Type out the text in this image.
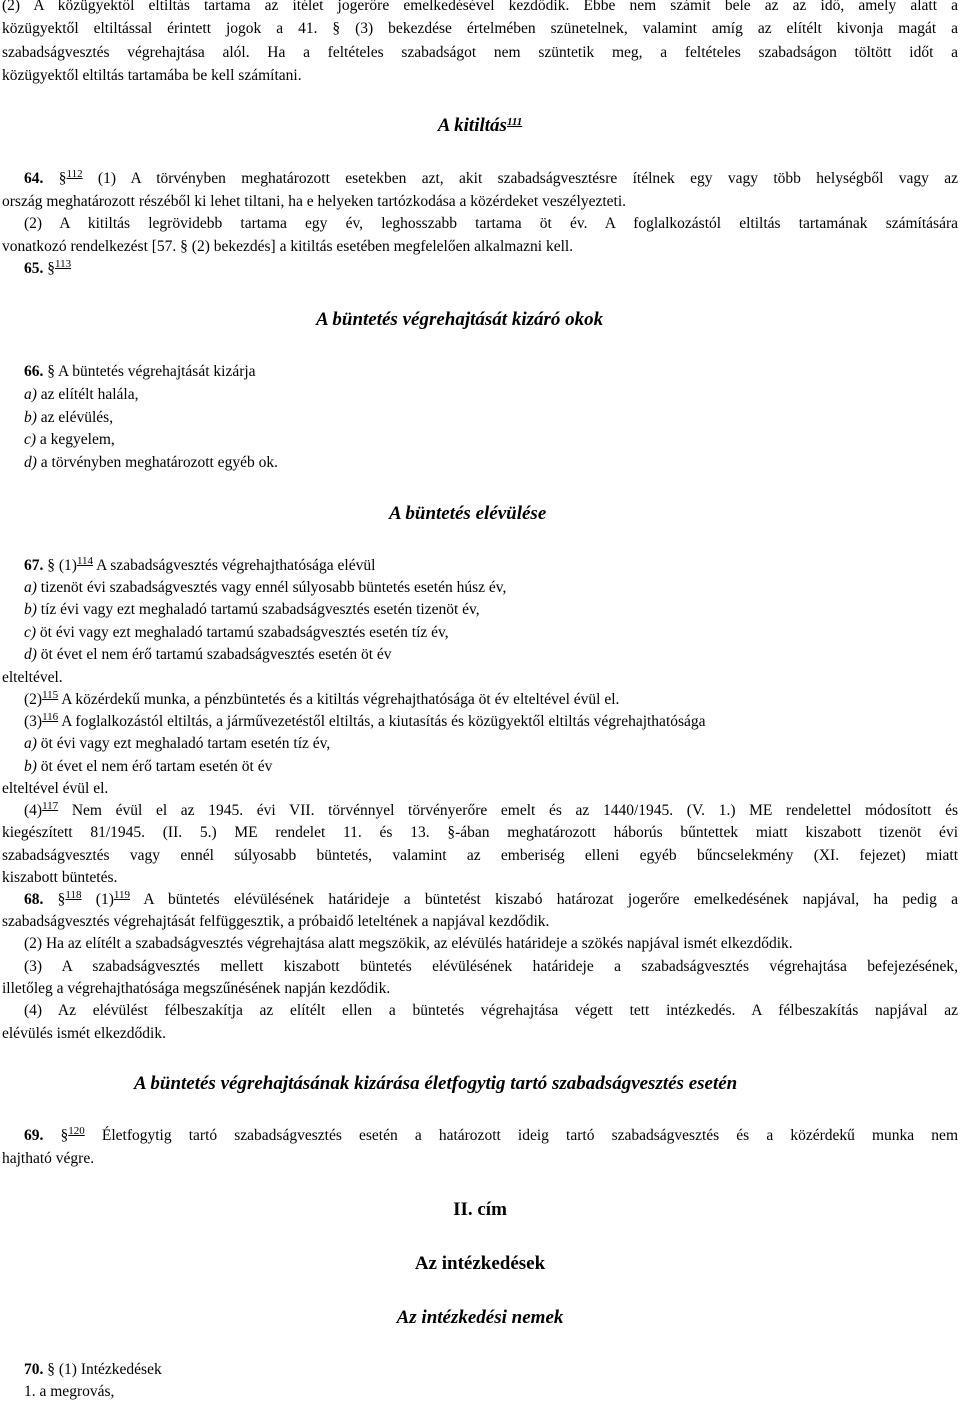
(2) A közügyektől eltiltás tartama az ítélet jogerőre emelkedésével kezdődik. Ebbe nem számít bele az az idő, amely alatt a
közügyektől eltiltással érintett jogok a 41. § (3) bekezdése értelmében szünetelnek, valamint amíg az elítélt kivonja magát a
szabadságvesztés végrehajtása alól. Ha a feltételes szabadságot nem szüntetik meg, a feltételes szabadságon töltött időt a
közügyektől eltiltás tartamába be kell számítani.
A kitiltás$^{111}$
64. §$^{112}$ (1) A törvényben meghatározott esetekben azt, akit szabadságvesztésre ítélnek egy vagy több helységből vagy az
ország meghatározott részéből ki lehet tiltani, ha e helyeken tartózkodása a közérdeket veszélyezteti.
(2) A kitiltás legrövidebb tartama egy év, leghosszabb tartama öt év. A foglalkozástól eltiltás tartamának számítására
vonatkozó rendelkezést [57. § (2) bekezdés] a kitiltás esetében megfelelően alkalmazni kell.
65. §$^{113}$
A büntetés végrehajtását kizáró okok
66. § A büntetés végrehajtását kizárja
a) az elítélt halála,
b) az elévülés,
c) a kegyelem,
d) a törvényben meghatározott egyéb ok.
A büntetés elévülése
67. § $(1)^{114}$ A szabadságvesztés végrehajthatósága elévül
a) tizenöt évi szabadságvesztés vagy ennél súlyosabb büntetés esetén húsz év,
b) tíz évi vagy ezt meghaladó tartamú szabadságvesztés esetén tizenöt év,
c) öt évi vagy ezt meghaladó tartamú szabadságvesztés esetén tíz év,
d) öt évet el nem érő tartamú szabadságvesztés esetén öt év
elteltével.
$(2)^{115}$ A közérdekű munka, a pénzbüntetés és a kitiltás végrehajthatósága öt év elteltével évül el.
$(3)^{116}$ A foglalkozástól eltiltás, a járművezetéstől eltiltás, a kiutasítás és közügyektől eltiltás végrehajthatósága
a) öt évi vagy ezt meghaladó tartam esetén tíz év,
b) öt évet el nem érő tartam esetén öt év
elteltével évül el.
$(4)^{117}$ Nem évül el az 1945. évi VII. törvénnyel törvényerőre emelt és az 1440/1945. (V. 1.) ME rendelettel módosított és
kiegészített 81/1945. (II. 5.) ME rendelet 11. és 13. §-ában meghatározott háborús bűntettek miatt kiszabott tizenöt évi
szabadságvesztés vagy ennél súlyosabb büntetés, valamint az emberiség elleni egyéb bűncselekmény (XI. fejezet) miatt
kiszabott büntetés.
68. §$^{118}$ $(1)^{119}$ A büntetés elévülésének határideje a büntetést kiszabó határozat jogerőre emelkedésének napjával, ha pedig a
szabadságvesztés végrehajtását felfüggesztik, a próbaidő leteltének a napjával kezdődik.
(2) Ha az elítélt a szabadságvesztés végrehajtása alatt megszökik, az elévülés határideje a szökés napjával ismét elkezdődik.
(3) A szabadságvesztés mellett kiszabott büntetés elévülésének határideje a szabadságvesztés végrehajtása befejezésének,
illetőleg a végrehajthatósága megszűnésének napján kezdődik.
(4) Az elévülést félbeszakítja az elítélt ellen a büntetés végrehajtása végett tett intézkedés. A félbeszakítás napjával az
elévülés ismét elkezdődik.
A büntetés végrehajtásának kizárása életfogytig tartó szabadságvesztés esetén
69. §$^{120}$ Életfogytig tartó szabadságvesztés esetén a határozott ideig tartó szabadságvesztés és a közérdekű munka nem
hajtható végre.
II. cím
Az intézkedések
Az intézkedési nemek
70. § (1) Intézkedések
1. a megrovás,
